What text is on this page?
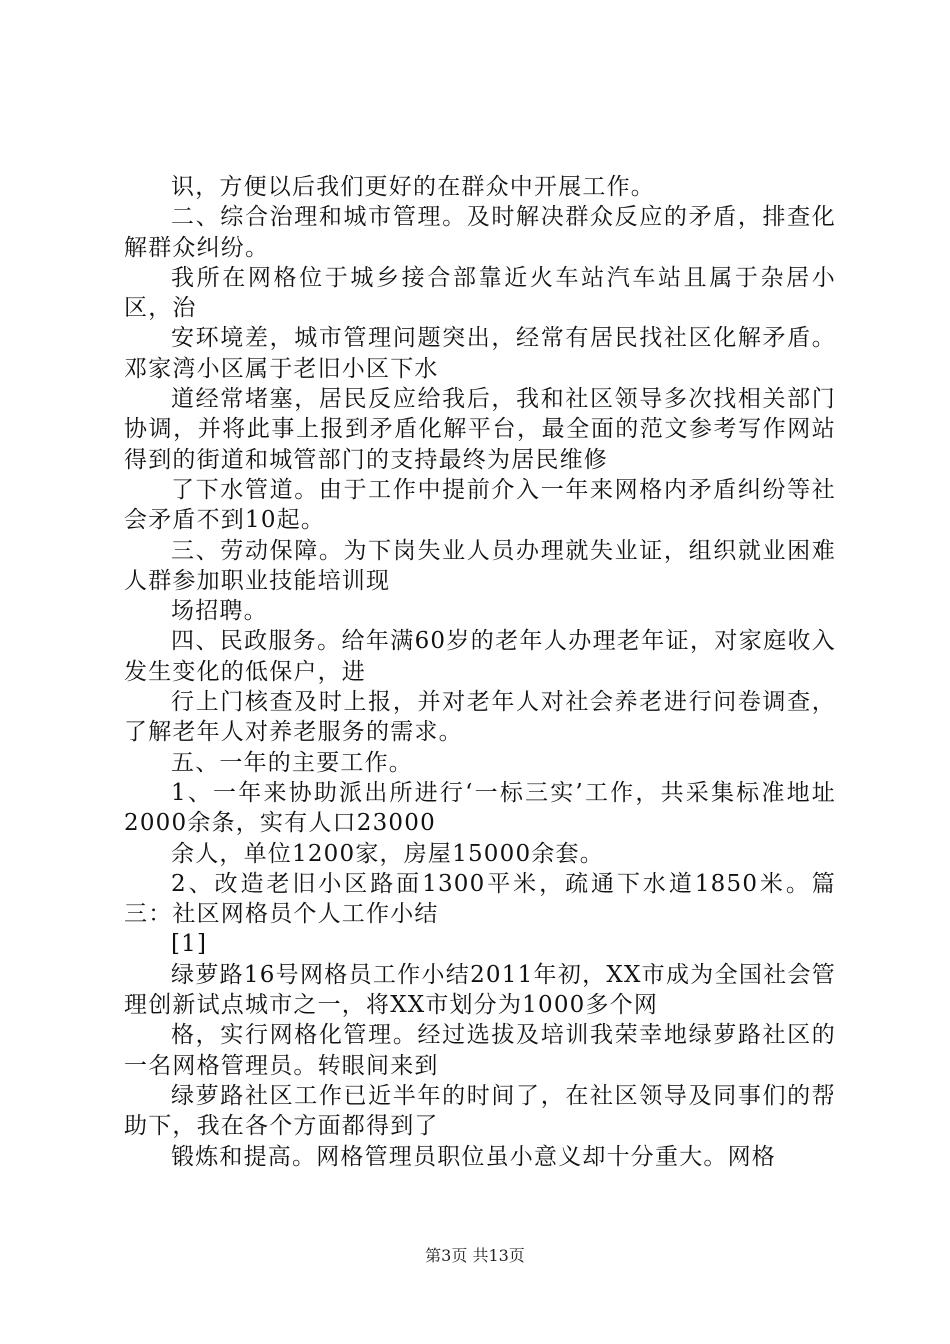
识，方便以后我们更好的在群众中开展工作。

二、综合治理和城市管理。及时解决群众反应的矛盾，排查化解群众纠纷。

我所在网格位于城乡接合部靠近火车站汽车站且属于杂居小区，治

安环境差，城市管理问题突出，经常有居民找社区化解矛盾。邓家湾小区属于老旧小区下水

道经常堵塞，居民反应给我后，我和社区领导多次找相关部门协调，并将此事上报到矛盾化解平台，最全面的范文参考写作网站得到的街道和城管部门的支持最终为居民维修

了下水管道。由于工作中提前介入一年来网格内矛盾纠纷等社会矛盾不到10起。

三、劳动保障。为下岗失业人员办理就失业证，组织就业困难人群参加职业技能培训现

场招聘。

四、民政服务。给年满60岁的老年人办理老年证，对家庭收入发生变化的低保户，进

行上门核查及时上报，并对老年人对社会养老进行问卷调查，了解老年人对养老服务的需求。

五、一年的主要工作。

1、一年来协助派出所进行‘一标三实’工作，共采集标准地址2000余条，实有人口23000

余人，单位1200家，房屋15000余套。

2、改造老旧小区路面1300平米，疏通下水道1850米。篇三：社区网格员个人工作小结

[1]

绿萝路16号网格员工作小结2011年初，XX市成为全国社会管理创新试点城市之一，将XX市划分为1000多个网

格，实行网格化管理。经过选拔及培训我荣幸地绿萝路社区的一名网格管理员。转眼间来到

绿萝路社区工作已近半年的时间了，在社区领导及同事们的帮助下，我在各个方面都得到了

锻炼和提高。网格管理员职位虽小意义却十分重大。网格

第3页 共13页
